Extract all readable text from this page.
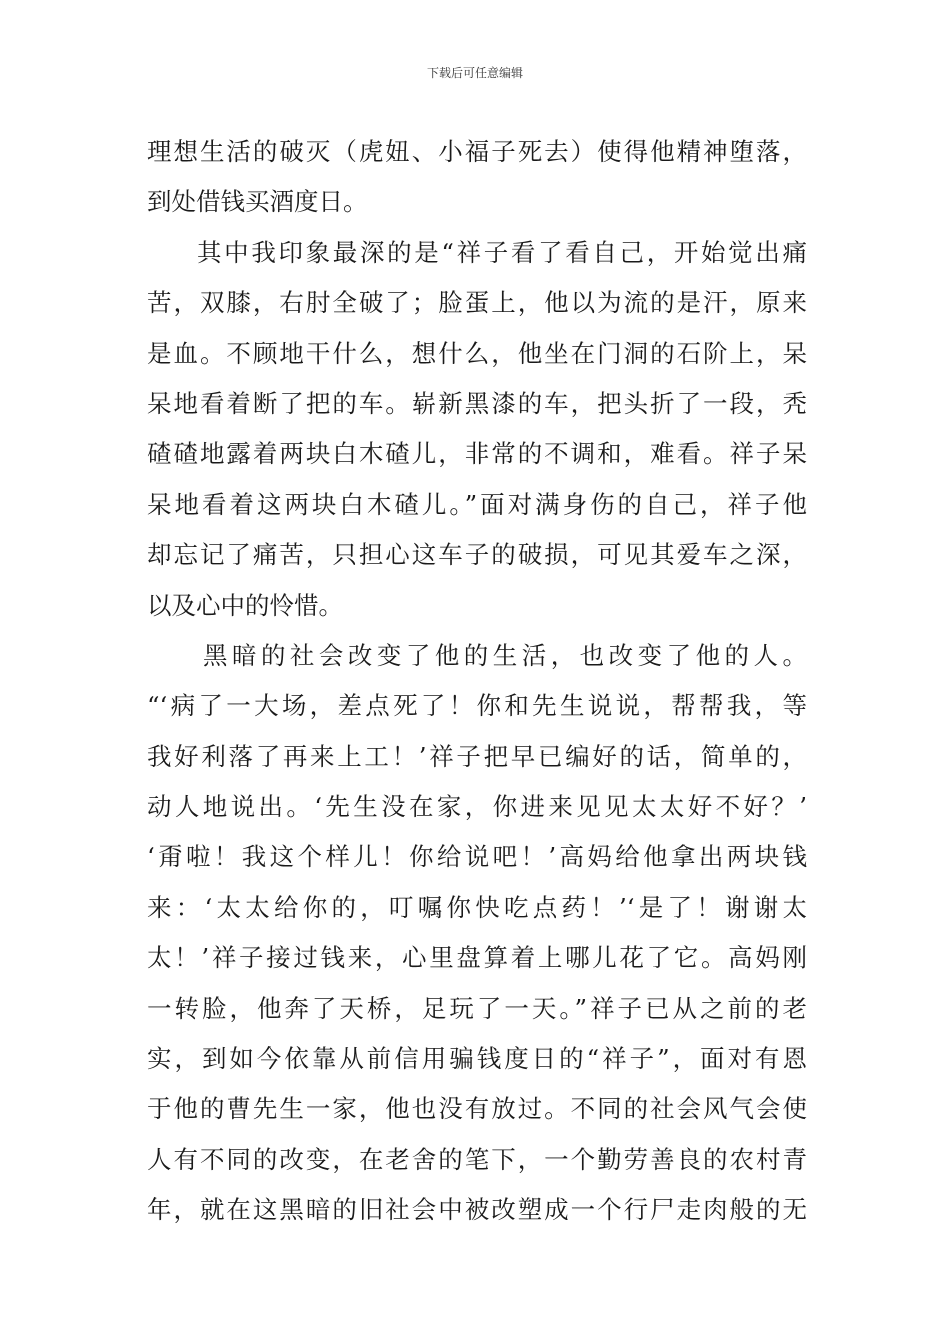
下载后可任意编辑
理想生活的破灭（虎妞、小福子死去）使得他精神堕落，
到处借钱买酒度日。
其中我印象最深的是“祥子看了看自己，开始觉出痛
苦，双膝，右肘全破了；脸蛋上，他以为流的是汗，原来
是血。不顾地干什么，想什么，他坐在门洞的石阶上，呆
呆地看着断了把的车。崭新黑漆的车，把头折了一段，秃
碴碴地露着两块白木碴儿，非常的不调和，难看。祥子呆
呆地看着这两块白木碴儿。”面对满身伤的自己，祥子他
却忘记了痛苦，只担心这车子的破损，可见其爱车之深，
以及心中的怜惜。
黑暗的社会改变了他的生活，也改变了他的人。
“‘病了一大场，差点死了！你和先生说说，帮帮我，等
我好利落了再来上工！’祥子把早已编好的话，简单的，
动人地说出。‘先生没在家，你进来见见太太好不好？’
‘甭啦！我这个样儿！你给说吧！’高妈给他拿出两块钱
来：‘太太给你的，叮嘱你快吃点药！’‘是了！谢谢太
太！’祥子接过钱来，心里盘算着上哪儿花了它。高妈刚
一转脸，他奔了天桥，足玩了一天。”祥子已从之前的老
实，到如今依靠从前信用骗钱度日的“祥子”，面对有恩
于他的曹先生一家，他也没有放过。不同的社会风气会使
人有不同的改变，在老舍的笔下，一个勤劳善良的农村青
年，就在这黑暗的旧社会中被改塑成一个行尸走肉般的无
